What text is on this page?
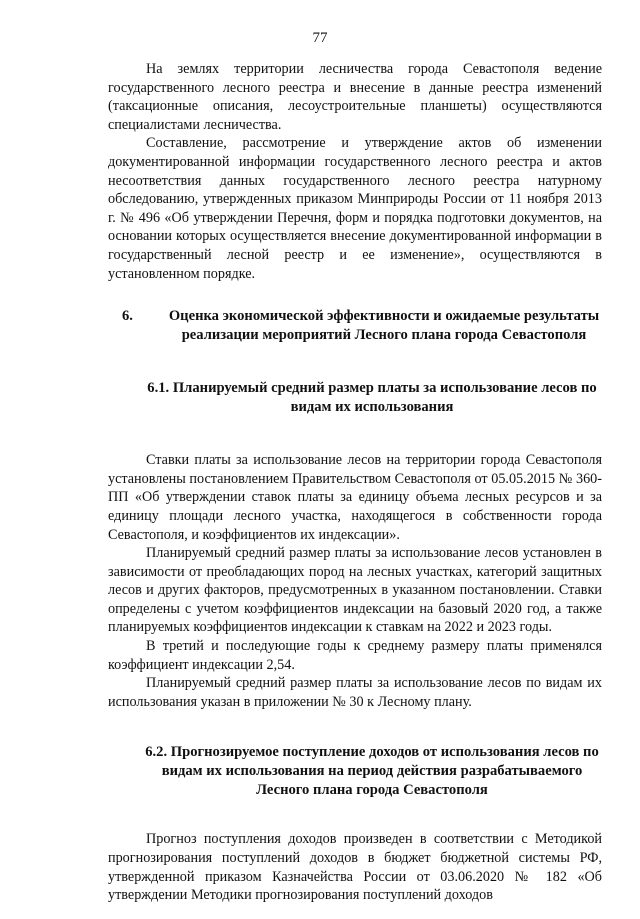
77

На землях территории лесничества города Севастополя ведение государственного лесного реестра и внесение в данные реестра изменений (таксационные описания, лесоустроительные планшеты) осуществляются специалистами лесничества.

Составление, рассмотрение и утверждение актов об изменении документированной информации государственного лесного реестра и актов несоответствия данных государственного лесного реестра натурному обследованию, утвержденных приказом Минприроды России от 11 ноября 2013 г. № 496 «Об утверждении Перечня, форм и порядка подготовки документов, на основании которых осуществляется внесение документированной информации в государственный лесной реестр и ее изменение», осуществляются в установленном порядке.

6.	Оценка экономической эффективности и ожидаемые результаты реализации мероприятий Лесного плана города Севастополя
6.1. Планируемый средний размер платы за использование лесов по видам их использования

Ставки платы за использование лесов на территории города Севастополя установлены постановлением Правительством Севастополя от 05.05.2015 № 360-ПП «Об утверждении ставок платы за единицу объема лесных ресурсов и за единицу площади лесного участка, находящегося в собственности города Севастополя, и коэффициентов их индексации».

Планируемый средний размер платы за использование лесов установлен в зависимости от преобладающих пород на лесных участках, категорий защитных лесов и других факторов, предусмотренных в указанном постановлении. Ставки определены с учетом коэффициентов индексации на базовый 2020 год, а также планируемых коэффициентов индексации к ставкам на 2022 и 2023 годы.

В третий и последующие годы к среднему размеру платы применялся коэффициент индексации 2,54.

Планируемый средний размер платы за использование лесов по видам их использования указан в приложении № 30 к Лесному плану.

6.2. Прогнозируемое поступление доходов от использования лесов по видам их использования на период действия разрабатываемого Лесного плана города Севастополя

Прогноз поступления доходов произведен в соответствии с Методикой прогнозирования поступлений доходов в бюджет бюджетной системы РФ, утвержденной приказом Казначейства России от 03.06.2020 № 182 «Об утверждении Методики прогнозирования поступлений доходов
